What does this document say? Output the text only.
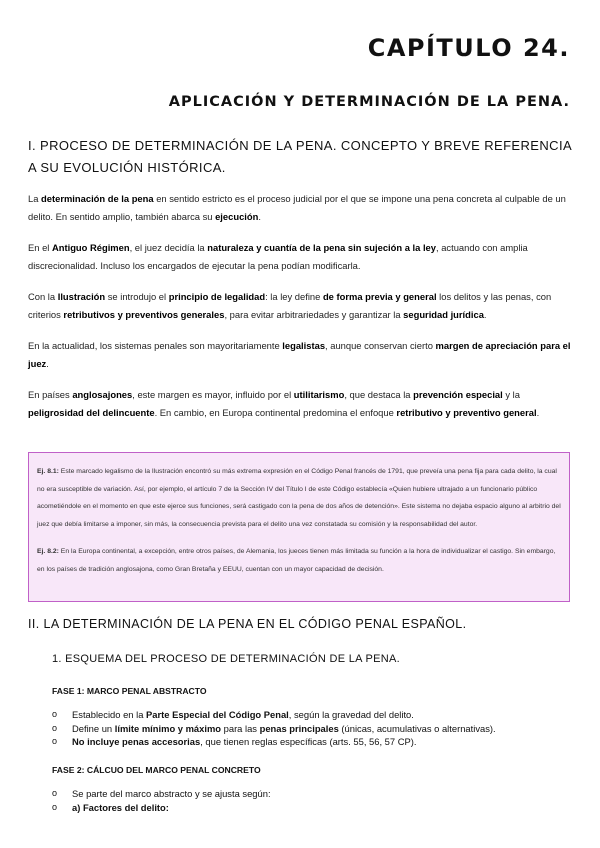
CAPÍTULO 24.
APLICACIÓN Y DETERMINACIÓN DE LA PENA.
I. PROCESO DE DETERMINACIÓN DE LA PENA. CONCEPTO Y BREVE REFERENCIA A SU EVOLUCIÓN HISTÓRICA.

La determinación de la pena en sentido estricto es el proceso judicial por el que se impone una pena concreta al culpable de un delito. En sentido amplio, también abarca su ejecución.

En el Antiguo Régimen, el juez decidía la naturaleza y cuantía de la pena sin sujeción a la ley, actuando con amplia discrecionalidad. Incluso los encargados de ejecutar la pena podían modificarla.

Con la Ilustración se introdujo el principio de legalidad: la ley define de forma previa y general los delitos y las penas, con criterios retributivos y preventivos generales, para evitar arbitrariedades y garantizar la seguridad jurídica.

En la actualidad, los sistemas penales son mayoritariamente legalistas, aunque conservan cierto margen de apreciación para el juez.

En países anglosajones, este margen es mayor, influido por el utilitarismo, que destaca la prevención especial y la peligrosidad del delincuente. En cambio, en Europa continental predomina el enfoque retributivo y preventivo general.

Ej. 8.1: Este marcado legalismo de la Ilustración encontró su más extrema expresión en el Código Penal francés de 1791, que preveía una pena fija para cada delito, la cual no era susceptible de variación. Así, por ejemplo, el artículo 7 de la Sección IV del Título I de este Código establecía «Quien hubiere ultrajado a un funcionario público acometiéndole en el momento en que este ejerce sus funciones, será castigado con la pena de dos años de detención». Este sistema no dejaba espacio alguno al arbitrio del juez que debía limitarse a imponer, sin más, la consecuencia prevista para el delito una vez constatada su comisión y la responsabilidad del autor.

Ej. 8.2: En la Europa continental, a excepción, entre otros países, de Alemania, los jueces tienen más limitada su función a la hora de individualizar el castigo. Sin embargo, en los países de tradición anglosajona, como Gran Bretaña y EEUU, cuentan con un mayor capacidad de decisión.

II. LA DETERMINACIÓN DE LA PENA EN EL CÓDIGO PENAL ESPAÑOL.
1. ESQUEMA DEL PROCESO DE DETERMINACIÓN DE LA PENA.
FASE 1: MARCO PENAL ABSTRACTO
o	Establecido en la Parte Especial del Código Penal, según la gravedad del delito.
o	Define un límite mínimo y máximo para las penas principales (únicas, acumulativas o alternativas).
o	No incluye penas accesorias, que tienen reglas específicas (arts. 55, 56, 57 CP).
FASE 2: CÁLCUO DEL MARCO PENAL CONCRETO
o	Se parte del marco abstracto y se ajusta según:
o	a) Factores del delito:
